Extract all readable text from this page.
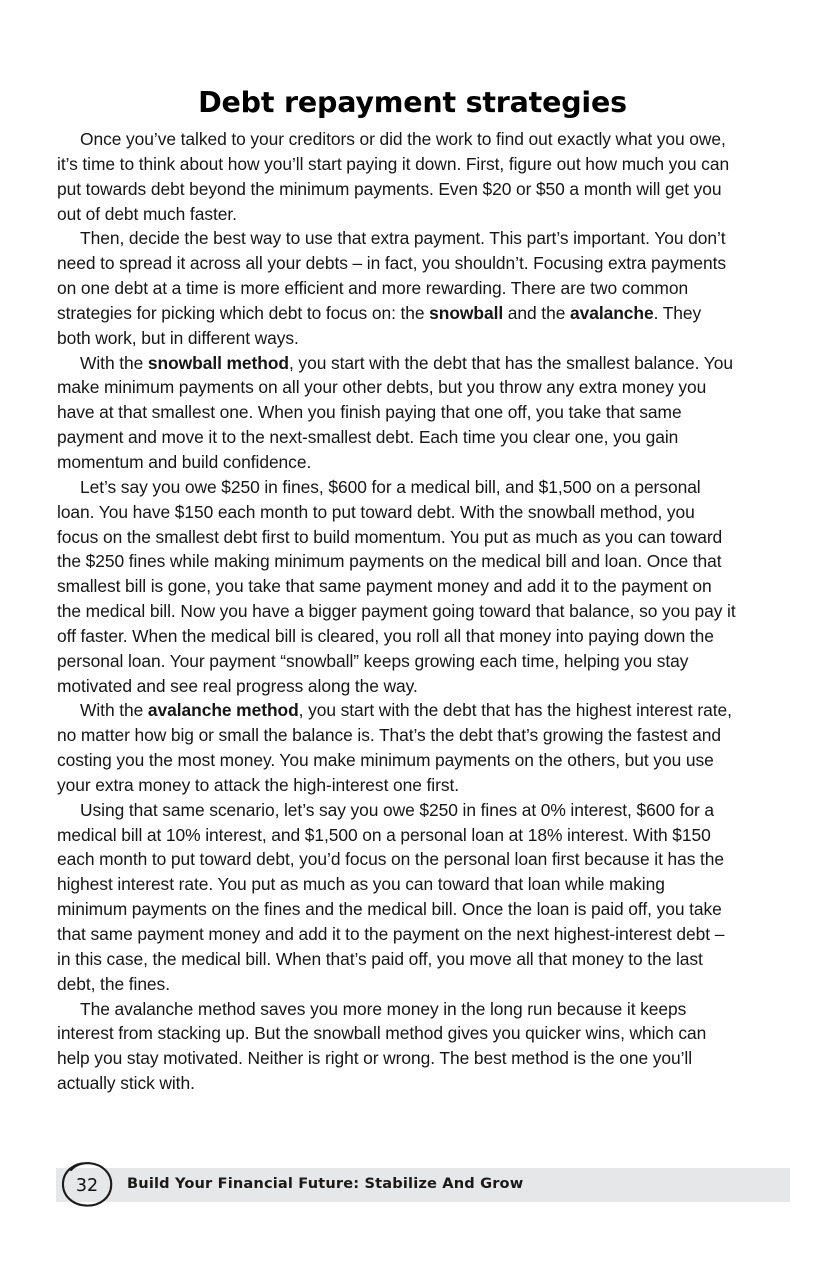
Debt repayment strategies

Once you’ve talked to your creditors or did the work to find out exactly what you owe, it’s time to think about how you’ll start paying it down. First, figure out how much you can put towards debt beyond the minimum payments. Even $20 or $50 a month will get you out of debt much faster.

Then, decide the best way to use that extra payment. This part’s important. You don’t need to spread it across all your debts – in fact, you shouldn’t. Focusing extra payments on one debt at a time is more efficient and more rewarding. There are two common strategies for picking which debt to focus on: the snowball and the avalanche. They both work, but in different ways.

With the snowball method, you start with the debt that has the smallest balance. You make minimum payments on all your other debts, but you throw any extra money you have at that smallest one. When you finish paying that one off, you take that same payment and move it to the next-smallest debt. Each time you clear one, you gain momentum and build confidence.

Let’s say you owe $250 in fines, $600 for a medical bill, and $1,500 on a personal loan. You have $150 each month to put toward debt. With the snowball method, you focus on the smallest debt first to build momentum. You put as much as you can toward the $250 fines while making minimum payments on the medical bill and loan. Once that smallest bill is gone, you take that same payment money and add it to the payment on the medical bill. Now you have a bigger payment going toward that balance, so you pay it off faster. When the medical bill is cleared, you roll all that money into paying down the personal loan. Your payment “snowball” keeps growing each time, helping you stay motivated and see real progress along the way.

With the avalanche method, you start with the debt that has the highest interest rate, no matter how big or small the balance is. That’s the debt that’s growing the fastest and costing you the most money. You make minimum payments on the others, but you use your extra money to attack the high-interest one first.

Using that same scenario, let’s say you owe $250 in fines at 0% interest, $600 for a medical bill at 10% interest, and $1,500 on a personal loan at 18% interest. With $150 each month to put toward debt, you’d focus on the personal loan first because it has the highest interest rate. You put as much as you can toward that loan while making minimum payments on the fines and the medical bill. Once the loan is paid off, you take that same payment money and add it to the payment on the next highest-interest debt – in this case, the medical bill. When that’s paid off, you move all that money to the last debt, the fines.

The avalanche method saves you more money in the long run because it keeps interest from stacking up. But the snowball method gives you quicker wins, which can help you stay motivated. Neither is right or wrong. The best method is the one you’ll actually stick with.

Build Your Financial Future: Stabilize And Grow
32
